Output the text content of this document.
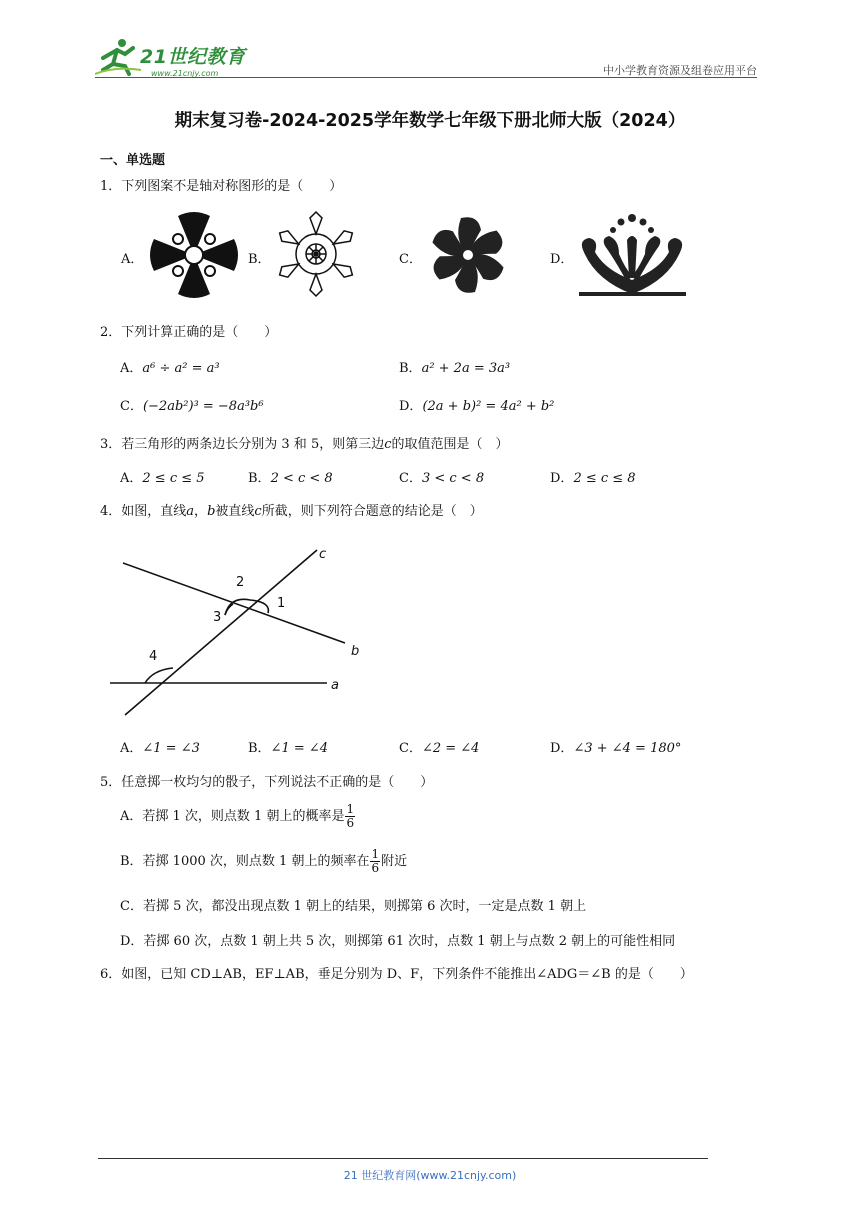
21世纪教育
www.21cnjy.com	中小学教育资源及组卷应用平台
期末复习卷-2024-2025学年数学七年级下册北师大版（2024）
一、单选题
1．下列图案不是轴对称图形的是（　　）
A．	B．	C．	D．
2．下列计算正确的是（　　）
A．a⁶ ÷ a² = a³	B．a² + 2a = 3a³
C．(−2ab²)³ = −8a³b⁶	D．(2a + b)² = 4a² + b²
3．若三角形的两条边长分别为 3 和 5，则第三边c的取值范围是（　）
A．2 ≤ c ≤ 5	B．2 < c < 8	C．3 < c < 8	D．2 ≤ c ≤ 8
4．如图，直线a，b被直线c所截，则下列符合题意的结论是（　）
c
2
1
3
b
4
a
A．∠1 = ∠3	B．∠1 = ∠4	C．∠2 = ∠4	D．∠3 + ∠4 = 180°
5．任意掷一枚均匀的骰子，下列说法不正确的是（　　）
A．若掷 1 次，则点数 1 朝上的概率是 $\frac{1}{6}$
B．若掷 1000 次，则点数 1 朝上的频率在 $\frac{1}{6}$ 附近
C．若掷 5 次，都没出现点数 1 朝上的结果，则掷第 6 次时，一定是点数 1 朝上
D．若掷 60 次，点数 1 朝上共 5 次，则掷第 61 次时，点数 1 朝上与点数 2 朝上的可能性相同
6．如图，已知 CD⊥AB，EF⊥AB，垂足分别为 D、F，下列条件不能推出∠ADG＝∠B 的是（　　）
21 世纪教育网(www.21cnjy.com)
